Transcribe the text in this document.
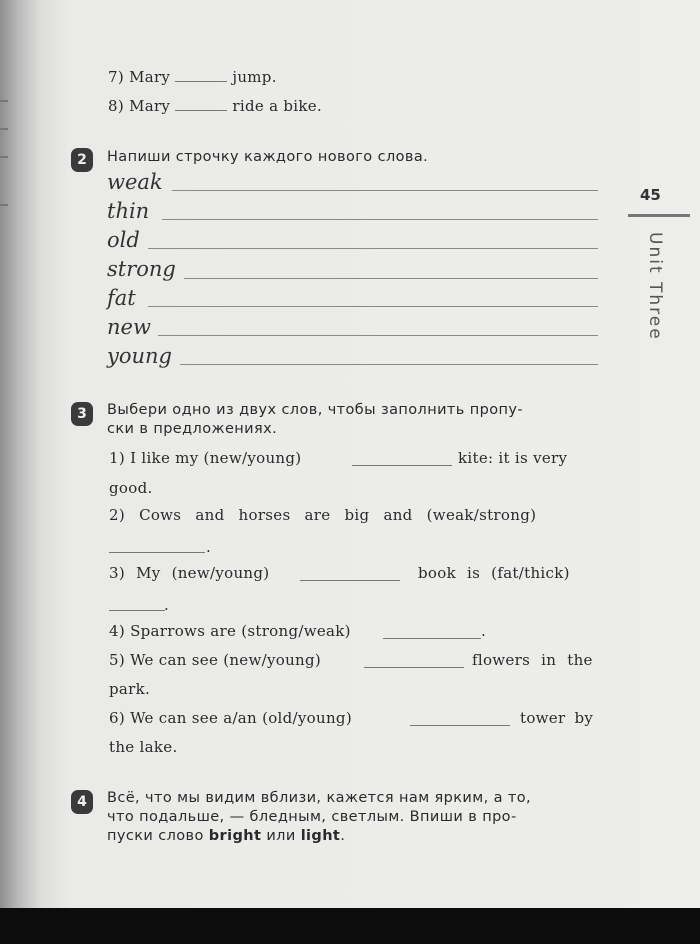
7) Mary	jump.
8) Mary	ride a bike.
2	Напиши строчку каждого нового слова.
weak
thin
old
strong
fat
new
young
3	Выбери одно из двух слов, чтобы заполнить пропу-
ски в предложениях.
1) I like my (new/young)	kite: it is very
good.
2) Cows and horses are big and (weak/strong)
.
3) My (new/young)	book is (fat/thick)
.
4) Sparrows are (strong/weak)	.
5) We can see (new/young)	flowers in the
park.
6) We can see a/an (old/young)	tower by
the lake.
4	Всё, что мы видим вблизи, кажется нам ярким, а то,
что подальше, — бледным, светлым. Впиши в про-
пуски слово bright или light.
45
Unit Three
